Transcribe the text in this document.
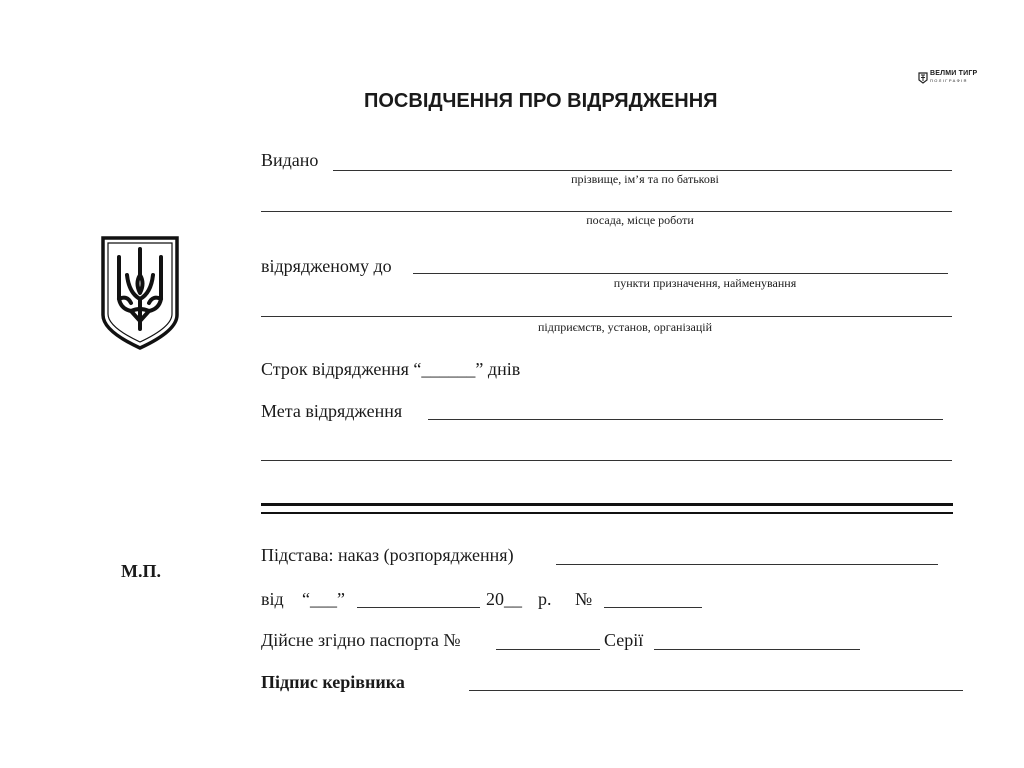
ВЕЛМИ ТИГР
ПОЛІГРАФІЯ
ПОСВІДЧЕННЯ ПРО ВІДРЯДЖЕННЯ
Видано
прізвище, ім’я та по батькові
посада, місце роботи
відрядженому до
пункти призначення, найменування
підприємств, установ, організацій
Строк відрядження “______” днів
Мета відрядження
М.П.
Підстава: наказ (розпорядження)
від “___”	20__ р. №
Дійсне згідно паспорта №	Серії
Підпис керівника
